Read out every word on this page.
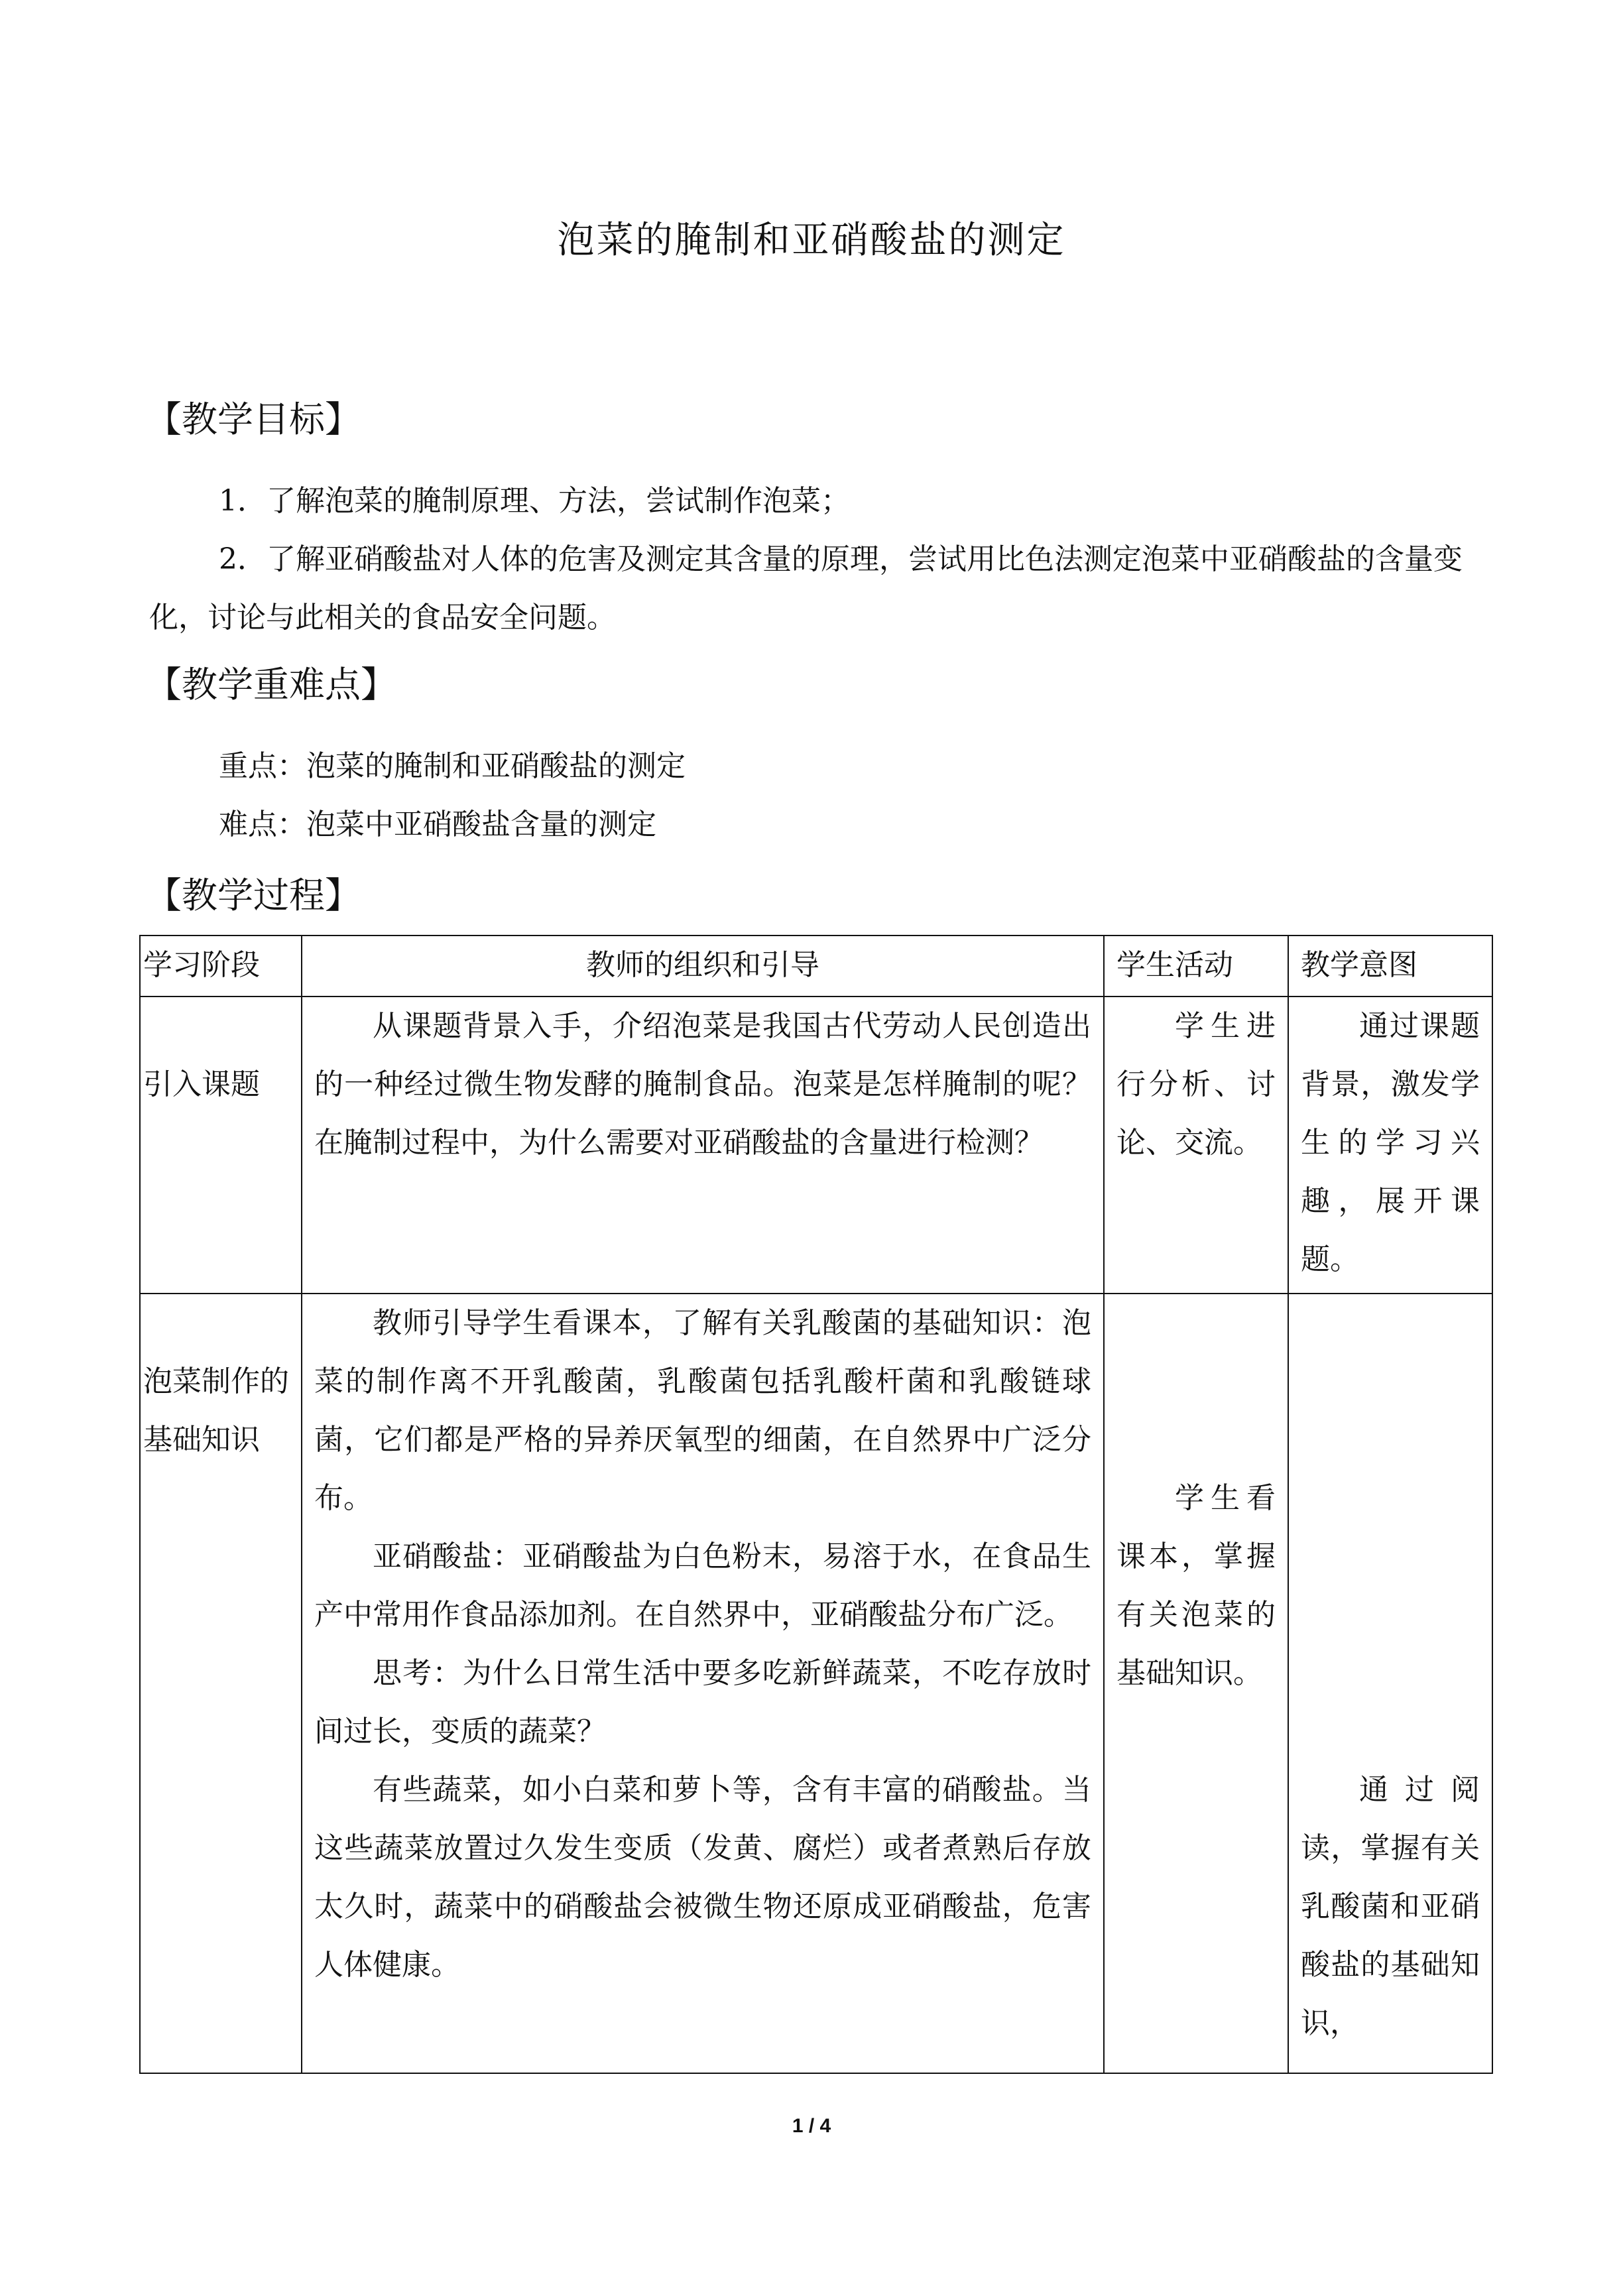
泡菜的腌制和亚硝酸盐的测定
【教学目标】

1．了解泡菜的腌制原理、方法，尝试制作泡菜；

2．了解亚硝酸盐对人体的危害及测定其含量的原理，尝试用比色法测定泡菜中亚硝酸盐的含量变化，讨论与此相关的食品安全问题。

【教学重难点】

重点：泡菜的腌制和亚硝酸盐的测定

难点：泡菜中亚硝酸盐含量的测定

【教学过程】
学习阶段	教师的组织和引导	学生活动	教学意图
引入课题	从课题背景入手，介绍泡菜是我国古代劳动人民创造出的一种经过微生物发酵的腌制食品。泡菜是怎样腌制的呢？在腌制过程中，为什么需要对亚硝酸盐的含量进行检测？	学生进行分析、讨论、交流。	通过课题背景，激发学生的学习兴趣，展开课题。

泡菜制作的基础知识	教师引导学生看课本，了解有关乳酸菌的基础知识：泡菜的制作离不开乳酸菌，乳酸菌包括乳酸杆菌和乳酸链球菌，它们都是严格的异养厌氧型的细菌，在自然界中广泛分布。

亚硝酸盐：亚硝酸盐为白色粉末，易溶于水，在食品生产中常用作食品添加剂。在自然界中，亚硝酸盐分布广泛。

思考：为什么日常生活中要多吃新鲜蔬菜，不吃存放时间过长，变质的蔬菜？

有些蔬菜，如小白菜和萝卜等，含有丰富的硝酸盐。当这些蔬菜放置过久发生变质（发黄、腐烂）或者煮熟后存放太久时，蔬菜中的硝酸盐会被微生物还原成亚硝酸盐，危害人体健康。	学生看课本，掌握有关泡菜的基础知识。	通过阅读，掌握有关乳酸菌和亚硝酸盐的基础知识，
1 / 4
